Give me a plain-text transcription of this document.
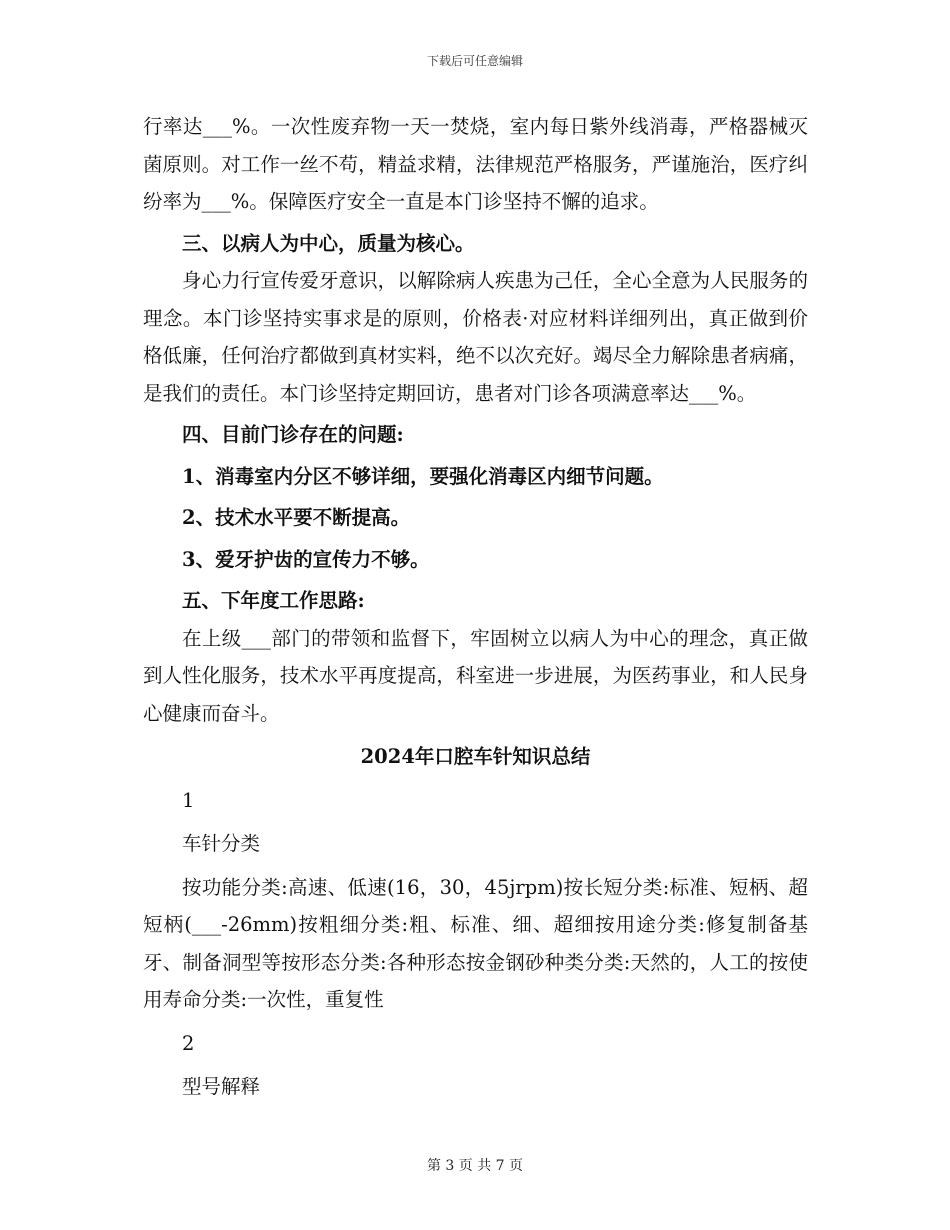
下载后可任意编辑

行率达___%。一次性废弃物一天一焚烧，室内每日紫外线消毒，严格器械灭菌原则。对工作一丝不苟，精益求精，法律规范严格服务，严谨施治，医疗纠纷率为___%。保障医疗安全一直是本门诊坚持不懈的追求。

三、以病人为中心，质量为核心。

身心力行宣传爱牙意识，以解除病人疾患为己任，全心全意为人民服务的理念。本门诊坚持实事求是的原则，价格表·对应材料详细列出，真正做到价格低廉，任何治疗都做到真材实料，绝不以次充好。竭尽全力解除患者病痛，是我们的责任。本门诊坚持定期回访，患者对门诊各项满意率达___%。

四、目前门诊存在的问题:

1、消毒室内分区不够详细，要强化消毒区内细节问题。

2、技术水平要不断提高。

3、爱牙护齿的宣传力不够。

五、下年度工作思路:

在上级___部门的带领和监督下，牢固树立以病人为中心的理念，真正做到人性化服务，技术水平再度提高，科室进一步进展，为医药事业，和人民身心健康而奋斗。

2024年口腔车针知识总结

1

车针分类

按功能分类:高速、低速(16，30，45jrpm)按长短分类:标准、短柄、超短柄(___-26mm)按粗细分类:粗、标准、细、超细按用途分类:修复制备基牙、制备洞型等按形态分类:各种形态按金钢砂种类分类:天然的，人工的按使用寿命分类:一次性，重复性

2

型号解释

第 3 页 共 7 页
